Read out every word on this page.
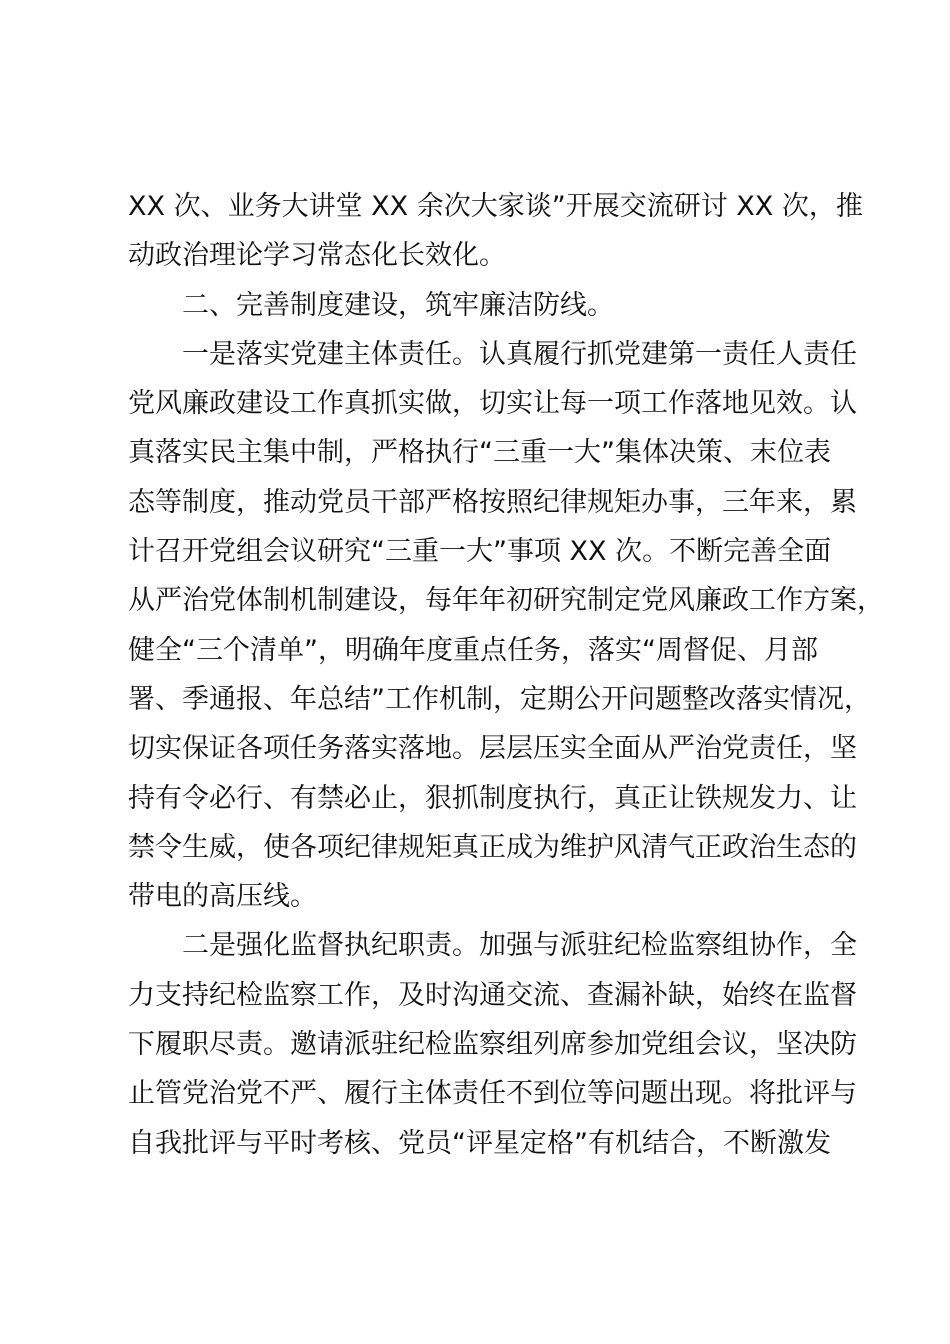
XX 次、业务大讲堂 XX 余次大家谈”开展交流研讨 XX 次，推
动政治理论学习常态化长效化。
二、完善制度建设，筑牢廉洁防线。
一是落实党建主体责任。认真履行抓党建第一责任人责任
党风廉政建设工作真抓实做，切实让每一项工作落地见效。认
真落实民主集中制，严格执行“三重一大”集体决策、末位表
态等制度，推动党员干部严格按照纪律规矩办事，三年来，累
计召开党组会议研究“三重一大”事项 XX 次。不断完善全面
从严治党体制机制建设，每年年初研究制定党风廉政工作方案，
健全“三个清单”，明确年度重点任务，落实“周督促、月部
署、季通报、年总结”工作机制，定期公开问题整改落实情况，
切实保证各项任务落实落地。层层压实全面从严治党责任，坚
持有令必行、有禁必止，狠抓制度执行，真正让铁规发力、让
禁令生威，使各项纪律规矩真正成为维护风清气正政治生态的
带电的高压线。
二是强化监督执纪职责。加强与派驻纪检监察组协作，全
力支持纪检监察工作，及时沟通交流、查漏补缺，始终在监督
下履职尽责。邀请派驻纪检监察组列席参加党组会议，坚决防
止管党治党不严、履行主体责任不到位等问题出现。将批评与
自我批评与平时考核、党员“评星定格”有机结合，不断激发
